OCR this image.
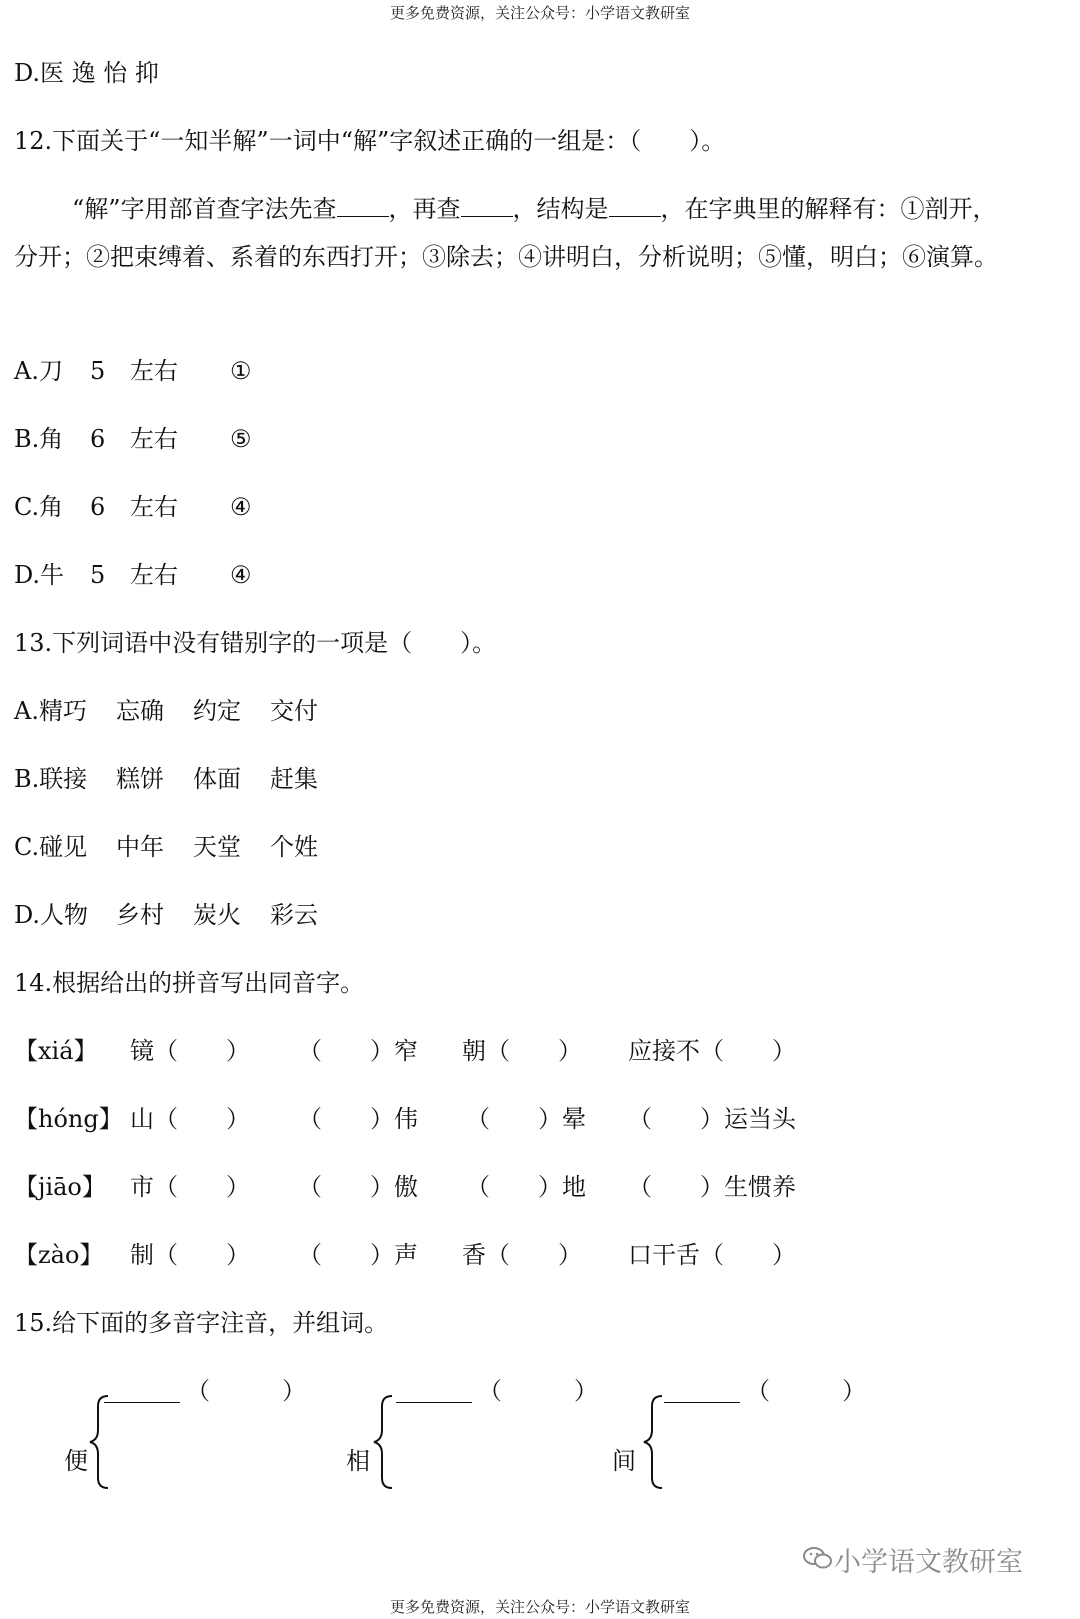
更多免费资源，关注公众号：小学语文教研室
D.医 逸 怡 抑
12.下面关于“一知半解”一词中“解”字叙述正确的一组是：（　　）。
“解”字用部首查字法先查 ，再查 ，结构是 ，在字典里的解释有：①剖开，
分开；②把束缚着、系着的东西打开；③除去；④讲明白，分析说明；⑤懂，明白；⑥演算。
A.刀 5 左右 ①
B.角 6 左右 ⑤
C.角 6 左右 ④
D.牛 5 左右 ④
13.下列词语中没有错别字的一项是（　　）。
A.精巧 忘确 约定 交付
B.联接 糕饼 体面 赶集
C.碰见 中年 天堂 个姓
D.人物 乡村 炭火 彩云
14.根据给出的拼音写出同音字。
【xiá】 镜（　　） （　　）窄 朝（　　） 应接不（　　）
【hóng】 山（　　） （　　）伟 （　　）晕 （　　）运当头
【jiāo】 市（　　） （　　）傲 （　　）地 （　　）生惯养
【zào】 制（　　） （　　）声 香（　　） 口干舌（　　）
15.给下面的多音字注音，并组词。
便
（　　　）
相
（　　　）
间
（　　　）
小学语文教研室
更多免费资源，关注公众号：小学语文教研室
